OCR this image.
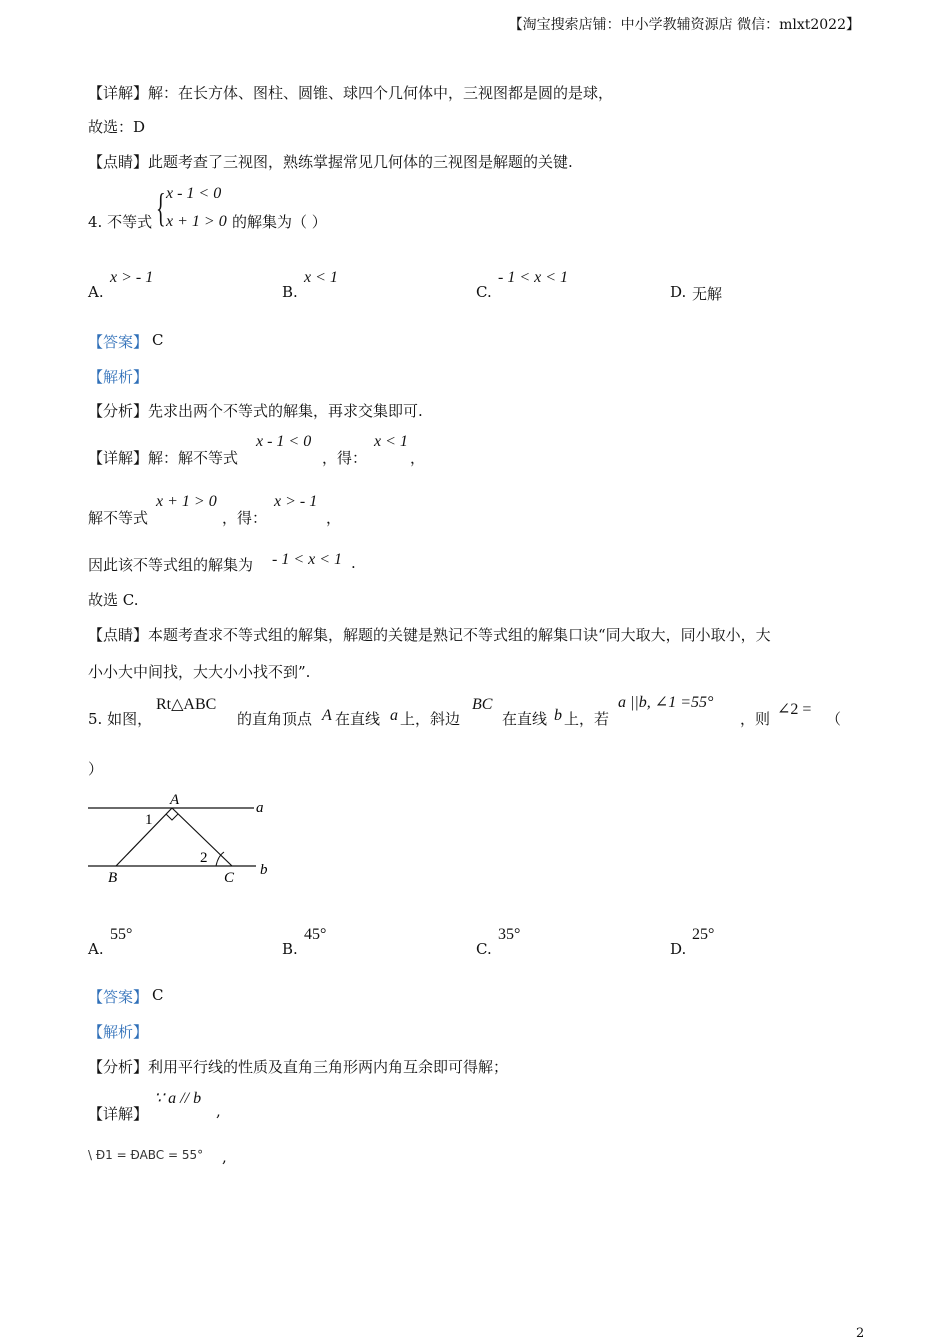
【淘宝搜索店铺：中小学教辅资源店 微信：mlxt2022】
【详解】解：在长方体、图柱、圆锥、球四个几何体中，三视图都是圆的是球，
故选：D
【点睛】此题考查了三视图，熟练掌握常见几何体的三视图是解题的关键.
4. 不等式 { x - 1 < 0
x + 1 > 0 的解集为（ ）
A.
x > - 1
B.
x < 1
C.
- 1 < x < 1
D. 无解
【答案】 C
【解析】
【分析】先求出两个不等式的解集，再求交集即可.
【详解】解：解不等式
x - 1 < 0
，得：
x < 1
，
解不等式
x + 1 > 0
，得：
x > - 1
，
因此该不等式组的解集为 - 1 < x < 1 .
故选 C.
【点睛】本题考查求不等式组的解集，解题的关键是熟记不等式组的解集口诀“同大取大，同小取小，大
小小大中间找，大大小小找不到”.
5. 如图，
Rt△ABC
的直角顶点 A 在直线 a 上，斜边
BC
在直线 b 上，若
a ||b, ∠1 =55°
，则
∠2 =
（
）
A	a
1
2
B	C b
A.
55°
B.
45°
C.
35°
D.
25°
【答案】 C
【解析】
【分析】利用平行线的性质及直角三角形两内角互余即可得解；
【详解】
∵ a // b
,
\ Ð1 = ÐABC = 55° ,
2
